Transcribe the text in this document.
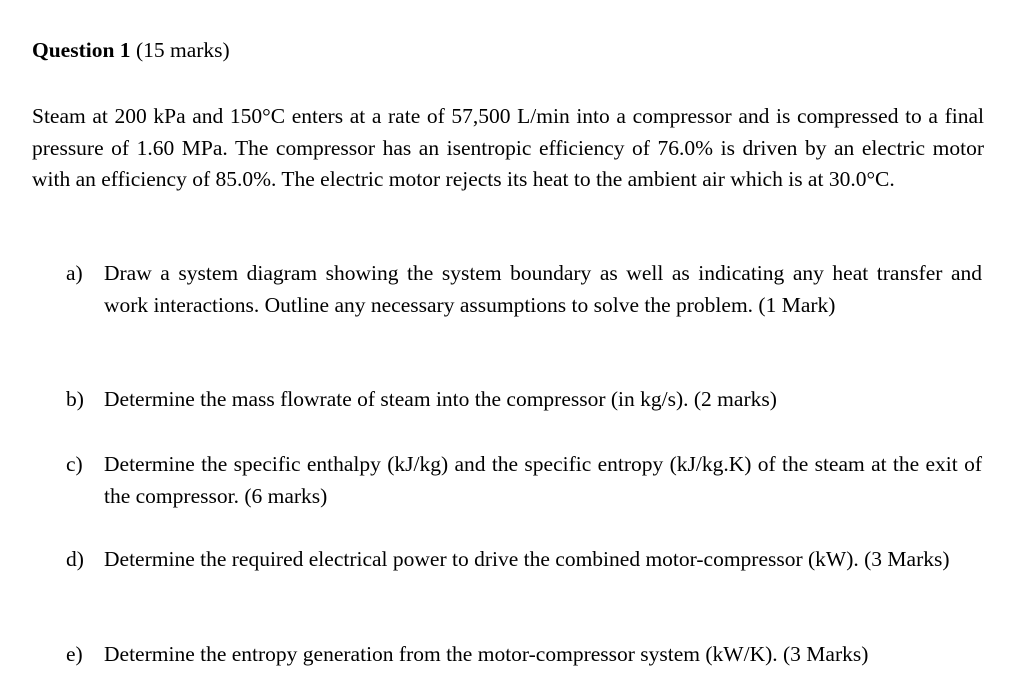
Question 1 (15 marks)
Steam at 200 kPa and 150°C enters at a rate of 57,500 L/min into a compressor and is compressed to a final pressure of 1.60 MPa. The compressor has an isentropic efficiency of 76.0% is driven by an electric motor with an efficiency of 85.0%. The electric motor rejects its heat to the ambient air which is at 30.0°C.
a) Draw a system diagram showing the system boundary as well as indicating any heat transfer and work interactions. Outline any necessary assumptions to solve the problem. (1 Mark)
b) Determine the mass flowrate of steam into the compressor (in kg/s). (2 marks)
c) Determine the specific enthalpy (kJ/kg) and the specific entropy (kJ/kg.K) of the steam at the exit of the compressor. (6 marks)
d) Determine the required electrical power to drive the combined motor-compressor (kW). (3 Marks)
e) Determine the entropy generation from the motor-compressor system (kW/K). (3 Marks)
